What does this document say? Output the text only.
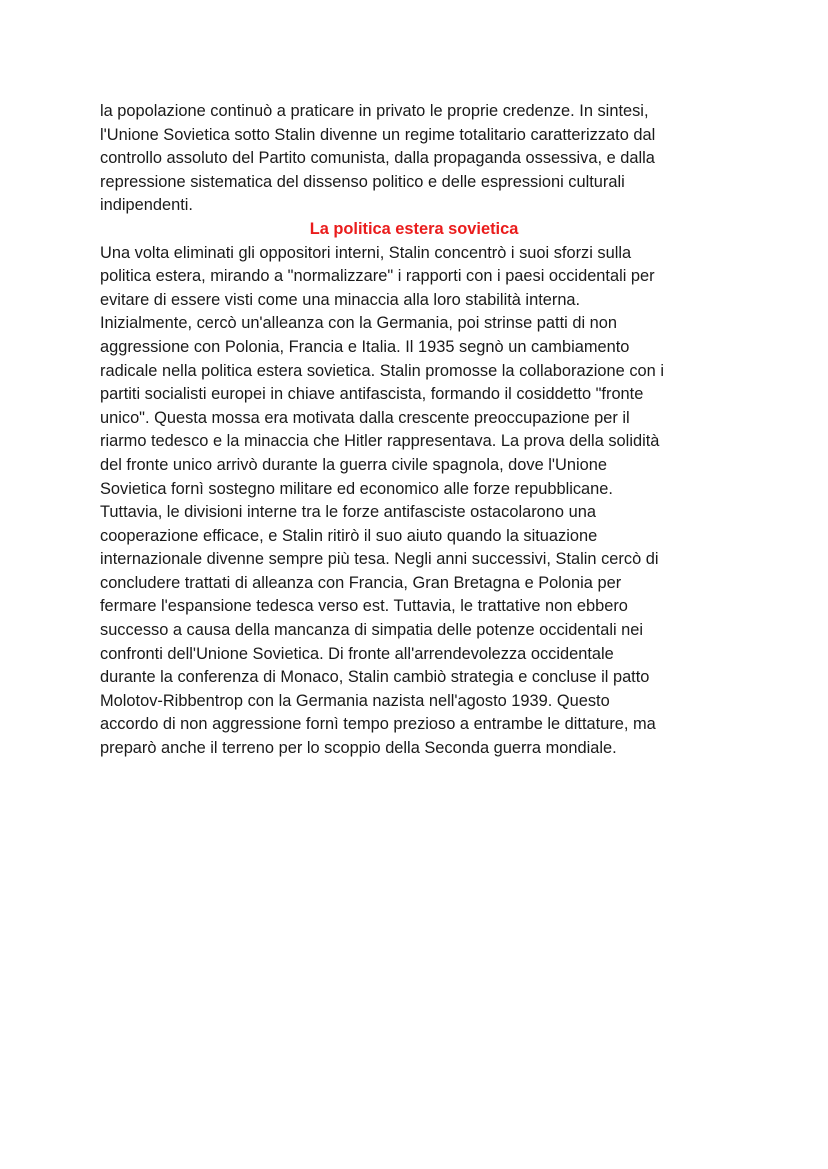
la popolazione continuò a praticare in privato le proprie credenze. In sintesi,
l'Unione Sovietica sotto Stalin divenne un regime totalitario caratterizzato dal
controllo assoluto del Partito comunista, dalla propaganda ossessiva, e dalla
repressione sistematica del dissenso politico e delle espressioni culturali
indipendenti.
La politica estera sovietica
Una volta eliminati gli oppositori interni, Stalin concentrò i suoi sforzi sulla
politica estera, mirando a "normalizzare" i rapporti con i paesi occidentali per
evitare di essere visti come una minaccia alla loro stabilità interna.
Inizialmente, cercò un'alleanza con la Germania, poi strinse patti di non
aggressione con Polonia, Francia e Italia. Il 1935 segnò un cambiamento
radicale nella politica estera sovietica. Stalin promosse la collaborazione con i
partiti socialisti europei in chiave antifascista, formando il cosiddetto "fronte
unico". Questa mossa era motivata dalla crescente preoccupazione per il
riarmo tedesco e la minaccia che Hitler rappresentava. La prova della solidità
del fronte unico arrivò durante la guerra civile spagnola, dove l'Unione
Sovietica fornì sostegno militare ed economico alle forze repubblicane.
Tuttavia, le divisioni interne tra le forze antifasciste ostacolarono una
cooperazione efficace, e Stalin ritirò il suo aiuto quando la situazione
internazionale divenne sempre più tesa. Negli anni successivi, Stalin cercò di
concludere trattati di alleanza con Francia, Gran Bretagna e Polonia per
fermare l'espansione tedesca verso est. Tuttavia, le trattative non ebbero
successo a causa della mancanza di simpatia delle potenze occidentali nei
confronti dell'Unione Sovietica. Di fronte all'arrendevolezza occidentale
durante la conferenza di Monaco, Stalin cambiò strategia e concluse il patto
Molotov-Ribbentrop con la Germania nazista nell'agosto 1939. Questo
accordo di non aggressione fornì tempo prezioso a entrambe le dittature, ma
preparò anche il terreno per lo scoppio della Seconda guerra mondiale.
